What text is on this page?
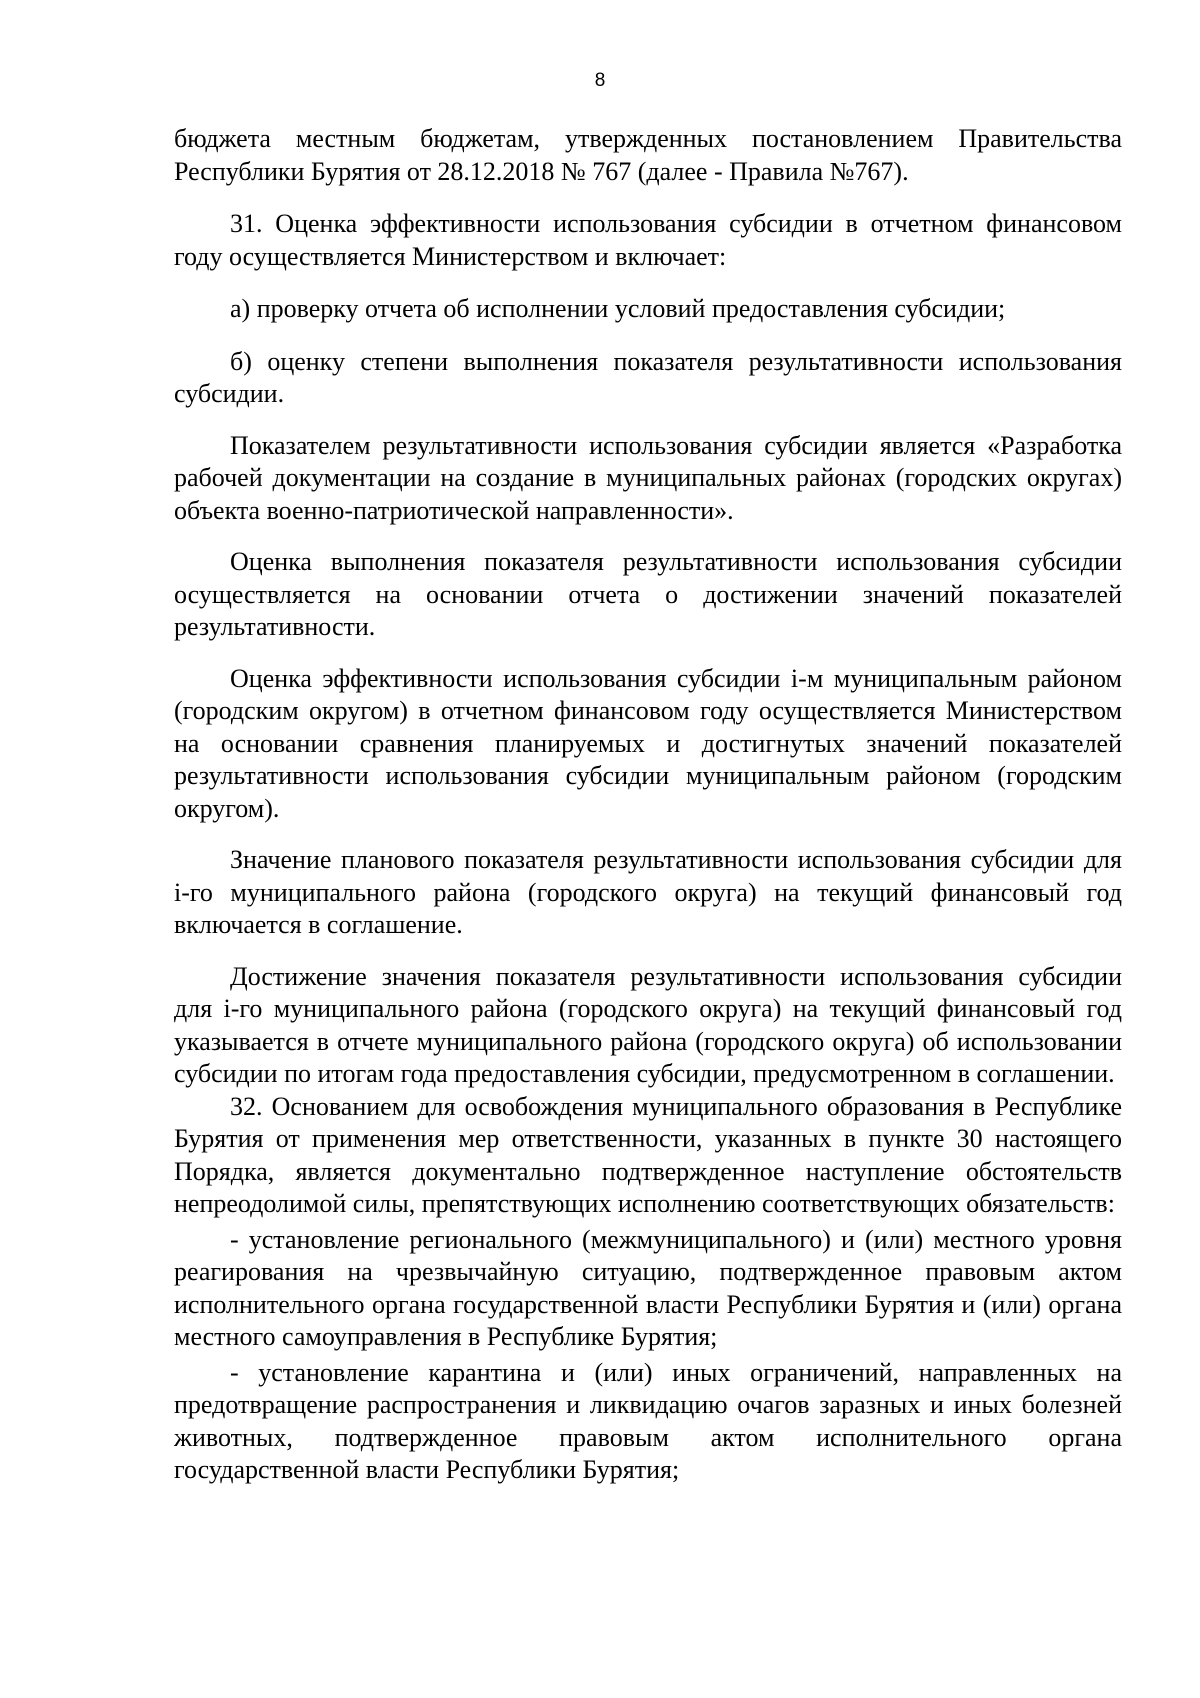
8

бюджета местным бюджетам, утвержденных постановлением Правительства Республики Бурятия от 28.12.2018 № 767 (далее - Правила №767).

31. Оценка эффективности использования субсидии в отчетном финансовом году осуществляется Министерством и включает:

а) проверку отчета об исполнении условий предоставления субсидии;

б) оценку степени выполнения показателя результативности использования субсидии.

Показателем результативности использования субсидии является «Разработка рабочей документации на создание в муниципальных районах (городских округах) объекта военно-патриотической направленности».

Оценка выполнения показателя результативности использования субсидии осуществляется на основании отчета о достижении значений показателей результативности.

Оценка эффективности использования субсидии i-м муниципальным районом (городским округом) в отчетном финансовом году осуществляется Министерством на основании сравнения планируемых и достигнутых значений показателей результативности использования субсидии муниципальным районом (городским округом).

Значение планового показателя результативности использования субсидии для i-го муниципального района (городского округа) на текущий финансовый год включается в соглашение.

Достижение значения показателя результативности использования субсидии для i-го муниципального района (городского округа) на текущий финансовый год указывается в отчете муниципального района (городского округа) об использовании субсидии по итогам года предоставления субсидии, предусмотренном в соглашении.

32. Основанием для освобождения муниципального образования в Республике Бурятия от применения мер ответственности, указанных в пункте 30 настоящего Порядка, является документально подтвержденное наступление обстоятельств непреодолимой силы, препятствующих исполнению соответствующих обязательств:

- установление регионального (межмуниципального) и (или) местного уровня реагирования на чрезвычайную ситуацию, подтвержденное правовым актом исполнительного органа государственной власти Республики Бурятия и (или) органа местного самоуправления в Республике Бурятия;

- установление карантина и (или) иных ограничений, направленных на предотвращение распространения и ликвидацию очагов заразных и иных болезней животных, подтвержденное правовым актом исполнительного органа государственной власти Республики Бурятия;
